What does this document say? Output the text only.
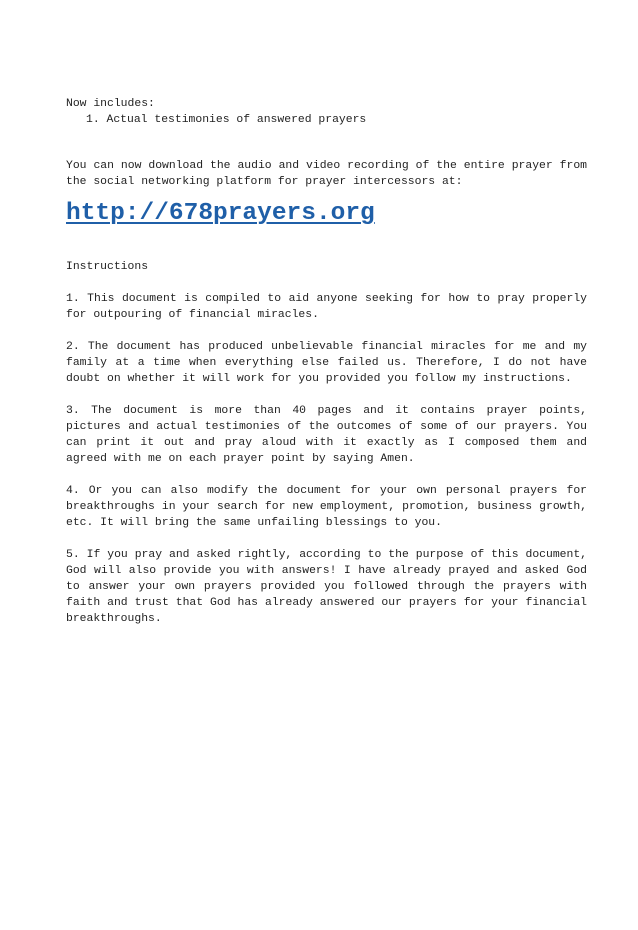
Now includes:
1. Actual testimonies of answered prayers

You can now download the audio and video recording of the entire prayer from the social networking platform for prayer intercessors at:

http://678prayers.org
Instructions

1. This document is compiled to aid anyone seeking for how to pray properly for outpouring of financial miracles.

2. The document has produced unbelievable financial miracles for me and my family at a time when everything else failed us. Therefore, I do not have doubt on whether it will work for you provided you follow my instructions.

3. The document is more than 40 pages and it contains prayer points, pictures and actual testimonies of the outcomes of some of our prayers. You can print it out and pray aloud with it exactly as I composed them and agreed with me on each prayer point by saying Amen.

4. Or you can also modify the document for your own personal prayers for breakthroughs in your search for new employment, promotion, business growth, etc. It will bring the same unfailing blessings to you.

5. If you pray and asked rightly, according to the purpose of this document, God will also provide you with answers! I have already prayed and asked God to answer your own prayers provided you followed through the prayers with faith and trust that God has already answered our prayers for your financial breakthroughs.
